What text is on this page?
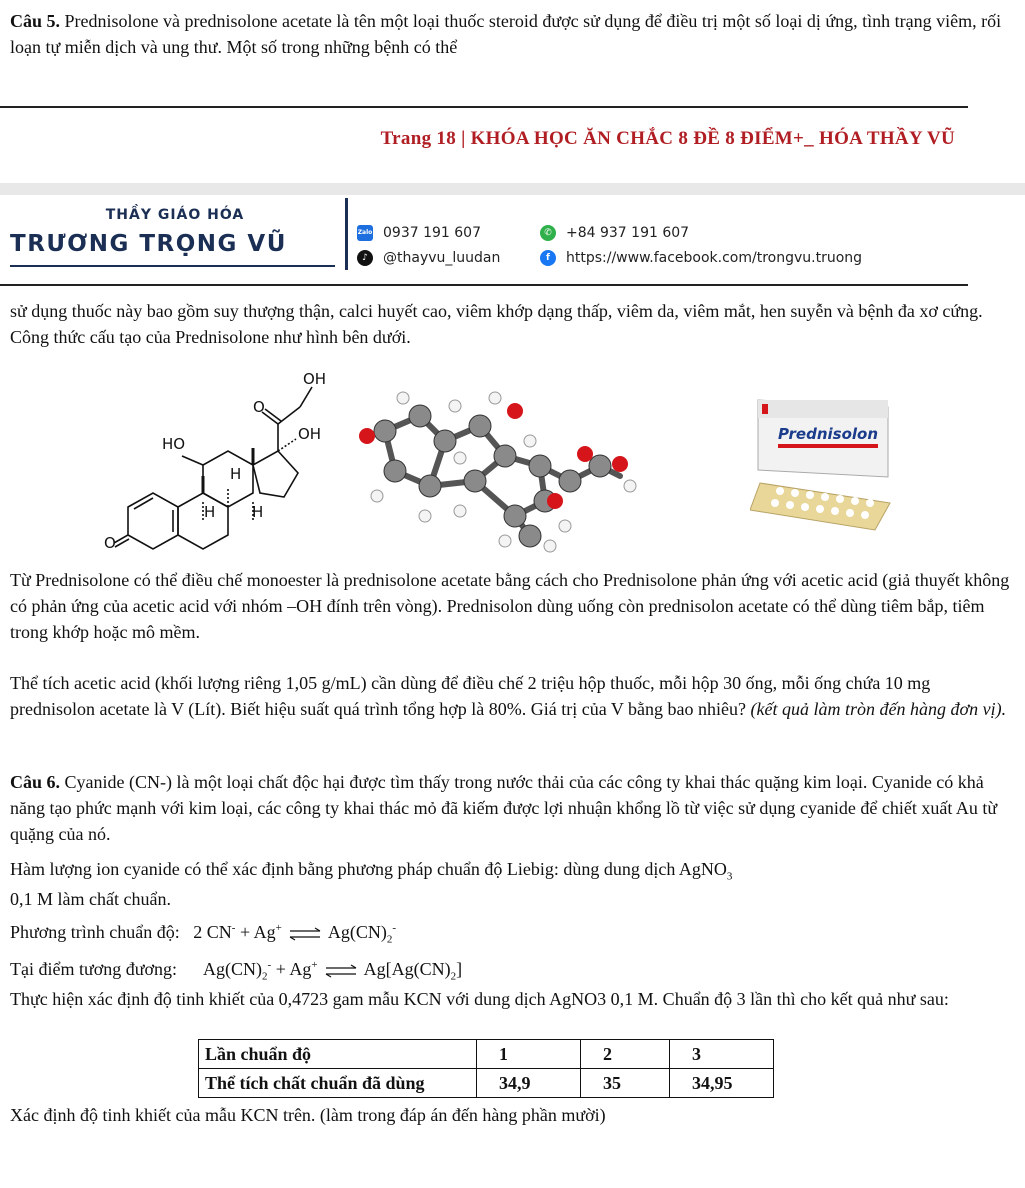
Câu 5. Prednisolone và prednisolone acetate là tên một loại thuốc steroid được sử dụng để điều trị một số loại dị ứng, tình trạng viêm, rối loạn tự miễn dịch và ung thư. Một số trong những bệnh có thể

Trang 18 | KHÓA HỌC ĂN CHẮC 8 ĐỀ 8 ĐIỂM+_ HÓA THẦY VŨ
THẦY GIÁO HÓA
TRƯƠNG TRỌNG VŨ	Zalo 0937 191 607	✆	+84 937 191 607
♪	@thayvu_luudan	f	https://www.facebook.com/trongvu.truong

sử dụng thuốc này bao gồm suy thượng thận, calci huyết cao, viêm khớp dạng thấp, viêm da, viêm mắt, hen suyễn và bệnh đa xơ cứng. Công thức cấu tạo của Prednisolone như hình bên dưới.

OH
O
OH
HO
H
H H
O
Prednisolon

Từ Prednisolone có thể điều chế monoester là prednisolone acetate bằng cách cho Prednisolone phản ứng với acetic acid (giả thuyết không có phản ứng của acetic acid với nhóm –OH đính trên vòng). Prednisolon dùng uống còn prednisolon acetate có thể dùng tiêm bắp, tiêm trong khớp hoặc mô mềm.

Thể tích acetic acid (khối lượng riêng 1,05 g/mL) cần dùng để điều chế 2 triệu hộp thuốc, mỗi hộp 30 ống, mỗi ống chứa 10 mg prednisolon acetate là V (Lít). Biết hiệu suất quá trình tổng hợp là 80%. Giá trị của V bằng bao nhiêu? (kết quả làm tròn đến hàng đơn vị).

Câu 6. Cyanide (CN-) là một loại chất độc hại được tìm thấy trong nước thải của các công ty khai thác quặng kim loại. Cyanide có khả năng tạo phức mạnh với kim loại, các công ty khai thác mỏ đã kiếm được lợi nhuận khổng lồ từ việc sử dụng cyanide để chiết xuất Au từ quặng của nó.

Hàm lượng ion cyanide có thể xác định bằng phương pháp chuẩn độ Liebig: dùng dung dịch AgNO$_3$
0,1 M làm chất chuẩn.

Phương trình chuẩn độ: 2 CN- + Ag+ ⇌ $Ag(CN)_2^-$
Tại điểm tương đương: $Ag(CN)_2^- + Ag^+$ ⇌ $Ag[Ag(CN)_2]$

Thực hiện xác định độ tinh khiết của 0,4723 gam mẫu KCN với dung dịch AgNO3 0,1 M. Chuẩn độ 3 lần thì cho kết quả như sau:

Lần chuẩn độ	1	2	3
Thể tích chất chuẩn đã dùng	34,9	35	34,95

Xác định độ tinh khiết của mẫu KCN trên. (làm trong đáp án đến hàng phần mười)
